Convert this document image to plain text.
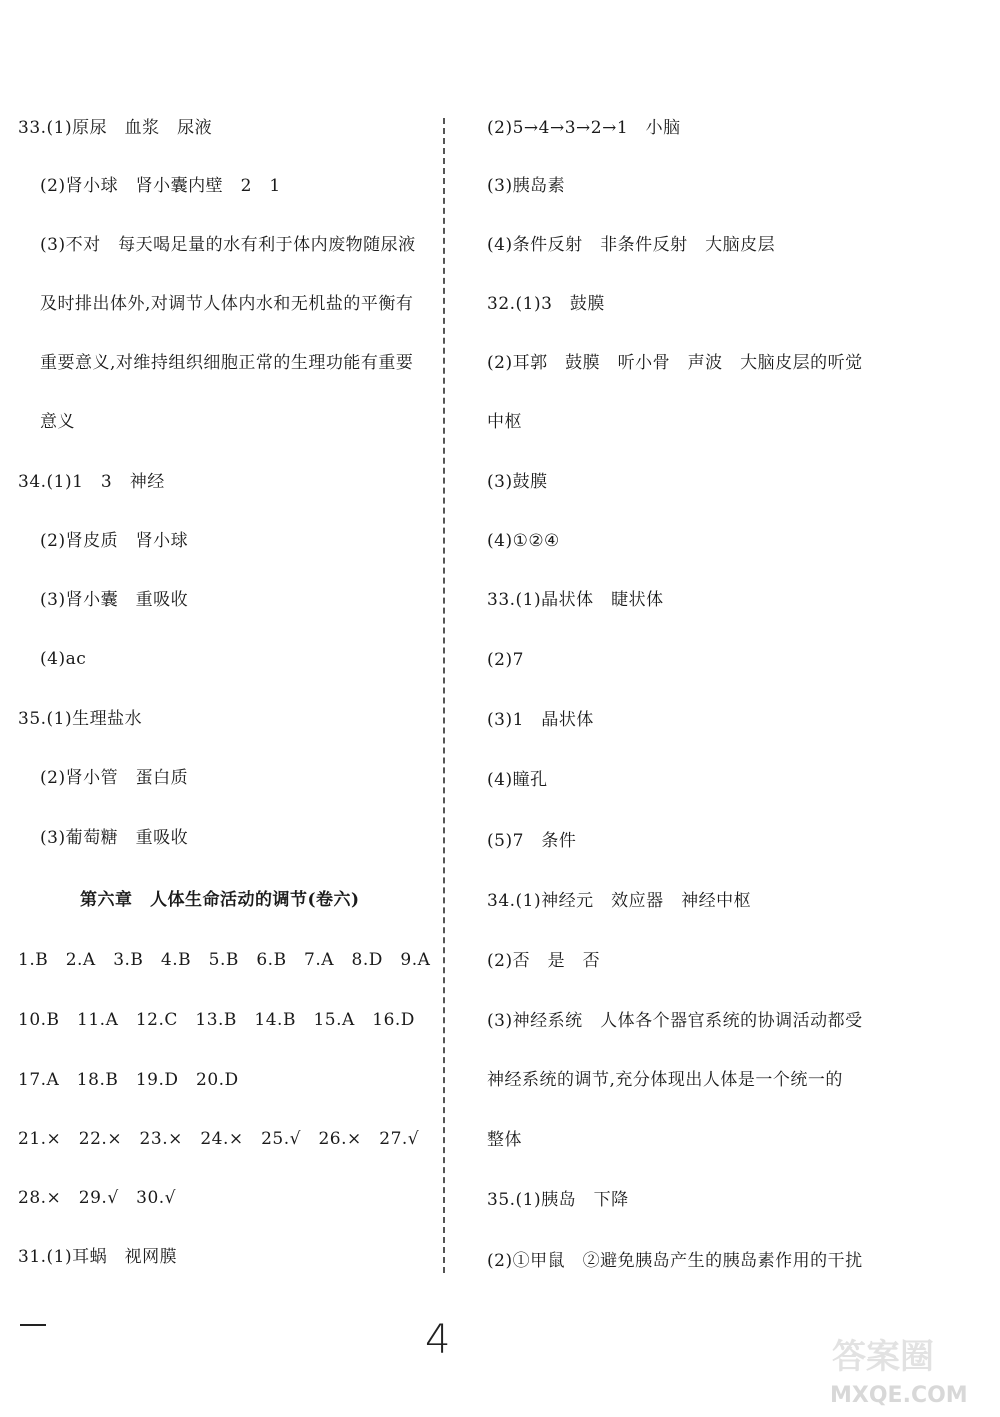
33.(1)原尿　血浆　尿液
(2)肾小球　肾小囊内壁　2　1
(3)不对　每天喝足量的水有利于体内废物随尿液
及时排出体外,对调节人体内水和无机盐的平衡有
重要意义,对维持组织细胞正常的生理功能有重要
意义
34.(1)1　3　神经
(2)肾皮质　肾小球
(3)肾小囊　重吸收
(4)ac
35.(1)生理盐水
(2)肾小管　蛋白质
(3)葡萄糖　重吸收
第六章　人体生命活动的调节(卷六)
1.B　2.A　3.B　4.B　5.B　6.B　7.A　8.D　9.A
10.B　11.A　12.C　13.B　14.B　15.A　16.D
17.A　18.B　19.D　20.D
21.×　22.×　23.×　24.×　25.√　26.×　27.√
28.×　29.√　30.√
31.(1)耳蜗　视网膜
(2)5→4→3→2→1　小脑
(3)胰岛素
(4)条件反射　非条件反射　大脑皮层
32.(1)3　鼓膜
(2)耳郭　鼓膜　听小骨　声波　大脑皮层的听觉
中枢
(3)鼓膜
(4)①②④
33.(1)晶状体　睫状体
(2)7
(3)1　晶状体
(4)瞳孔
(5)7　条件
34.(1)神经元　效应器　神经中枢
(2)否　是　否
(3)神经系统　人体各个器官系统的协调活动都受
神经系统的调节,充分体现出人体是一个统一的
整体
35.(1)胰岛　下降
(2)①甲鼠　②避免胰岛产生的胰岛素作用的干扰
4	答案圈
MXQE.COM
